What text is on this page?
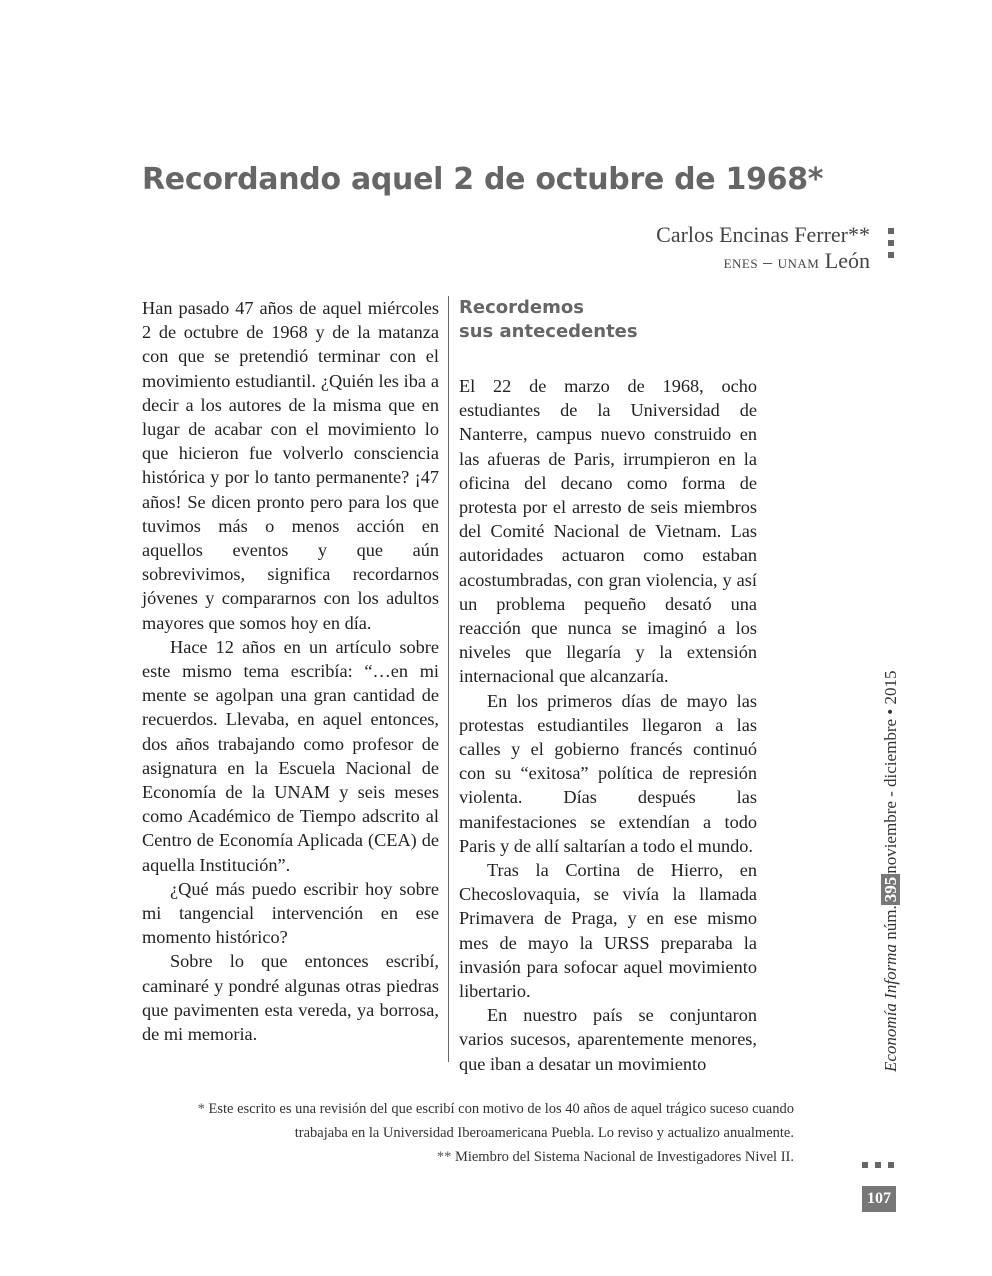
Recordando aquel 2 de octubre de 1968*
Carlos Encinas Ferrer**
enes – unam León

Han pasado 47 años de aquel miércoles 2 de octubre de 1968 y de la matanza con que se pretendió terminar con el movimiento estudiantil. ¿Quién les iba a decir a los autores de la misma que en lugar de acabar con el movimiento lo que hicieron fue volverlo consciencia histórica y por lo tanto permanente? ¡47 años! Se dicen pronto pero para los que tuvimos más o menos acción en aquellos eventos y que aún sobrevivimos, significa recordarnos jóvenes y compararnos con los adultos mayores que somos hoy en día.

Hace 12 años en un artículo sobre este mismo tema escribía: “…en mi mente se agolpan una gran cantidad de recuerdos. Llevaba, en aquel entonces, dos años trabajando como profesor de asignatura en la Escuela Nacional de Economía de la UNAM y seis meses como Académico de Tiempo adscrito al Centro de Economía Aplicada (CEA) de aquella Institución”.

¿Qué más puedo escribir hoy sobre mi tangencial intervención en ese momento histórico?

Sobre lo que entonces escribí, caminaré y pondré algunas otras piedras que pavimenten esta vereda, ya borrosa, de mi memoria.

Recordemos
sus antecedentes

El 22 de marzo de 1968, ocho estudiantes de la Universidad de Nanterre, campus nuevo construido en las afueras de Paris, irrumpieron en la oficina del decano como forma de protesta por el arresto de seis miembros del Comité Nacional de Vietnam. Las autoridades actuaron como estaban acostumbradas, con gran violencia, y así un problema pequeño desató una reacción que nunca se imaginó a los niveles que llegaría y la extensión internacional que alcanzaría.

En los primeros días de mayo las protestas estudiantiles llegaron a las calles y el gobierno francés continuó con su “exitosa” política de represión violenta. Días después las manifestaciones se extendían a todo Paris y de allí saltarían a todo el mundo.

Tras la Cortina de Hierro, en Checoslovaquia, se vivía la llamada Primavera de Praga, y en ese mismo mes de mayo la URSS preparaba la invasión para sofocar aquel movimiento libertario.

En nuestro país se conjuntaron varios sucesos, aparentemente menores, que iban a desatar un movimiento	Economía Informa núm.395noviembre - diciembre • 2015

* Este escrito es una revisión del que escribí con motivo de los 40 años de aquel trágico suceso cuando

trabajaba en la Universidad Iberoamericana Puebla. Lo reviso y actualizo anualmente.

** Miembro del Sistema Nacional de Investigadores Nivel II.

107
